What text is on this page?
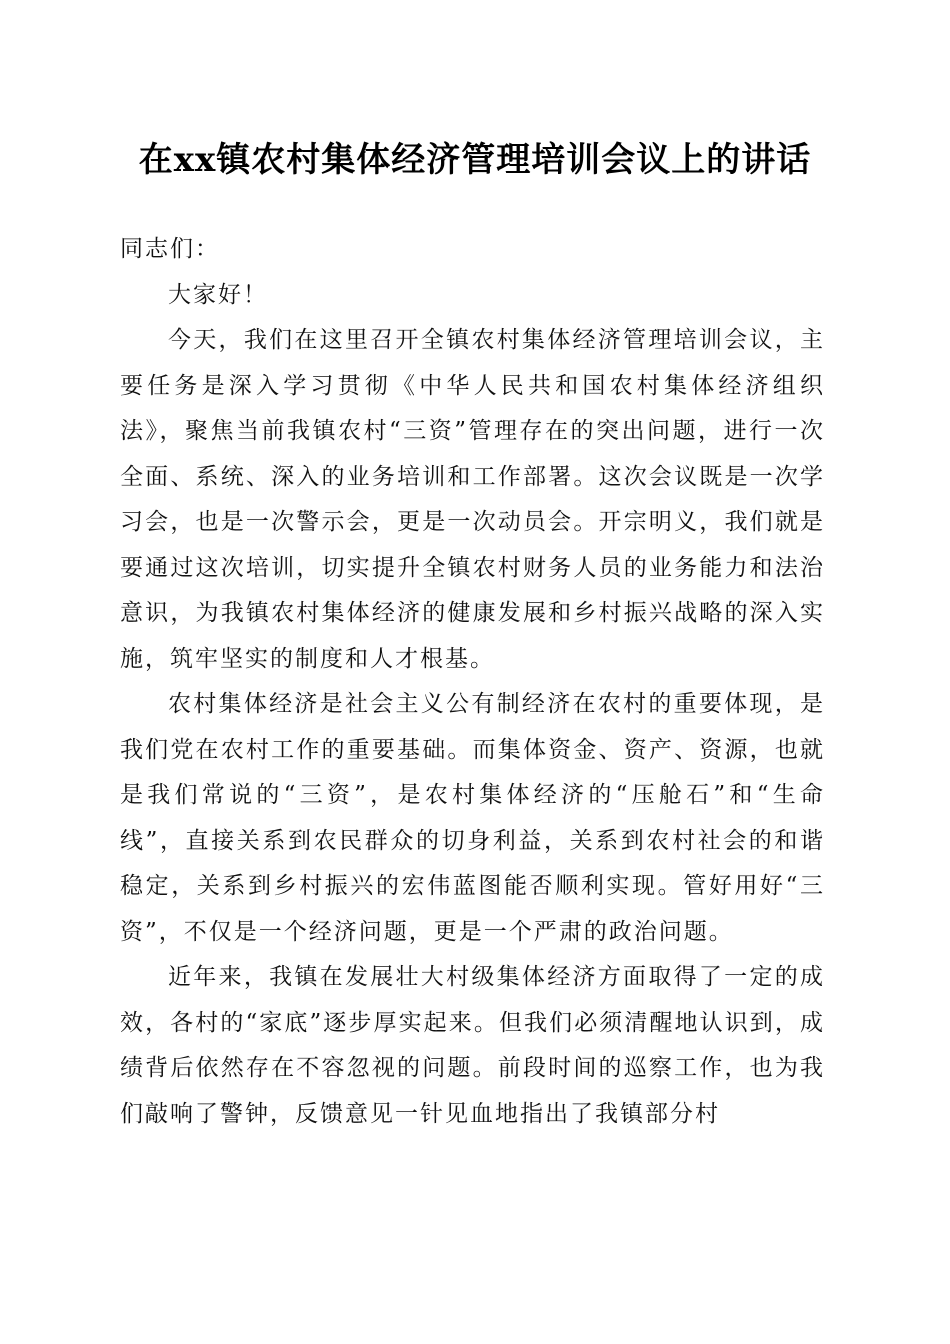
在xx镇农村集体经济管理培训会议上的讲话

同志们：

大家好！

今天，我们在这里召开全镇农村集体经济管理培训会议，主要任务是深入学习贯彻《中华人民共和国农村集体经济组织法》，聚焦当前我镇农村“三资”管理存在的突出问题，进行一次全面、系统、深入的业务培训和工作部署。这次会议既是一次学习会，也是一次警示会，更是一次动员会。开宗明义，我们就是要通过这次培训，切实提升全镇农村财务人员的业务能力和法治意识，为我镇农村集体经济的健康发展和乡村振兴战略的深入实施，筑牢坚实的制度和人才根基。

农村集体经济是社会主义公有制经济在农村的重要体现，是我们党在农村工作的重要基础。而集体资金、资产、资源，也就是我们常说的“三资”，是农村集体经济的“压舱石”和“生命线”，直接关系到农民群众的切身利益，关系到农村社会的和谐稳定，关系到乡村振兴的宏伟蓝图能否顺利实现。管好用好“三资”，不仅是一个经济问题，更是一个严肃的政治问题。

近年来，我镇在发展壮大村级集体经济方面取得了一定的成效，各村的“家底”逐步厚实起来。但我们必须清醒地认识到，成绩背后依然存在不容忽视的问题。前段时间的巡察工作，也为我们敲响了警钟，反馈意见一针见血地指出了我镇部分村
